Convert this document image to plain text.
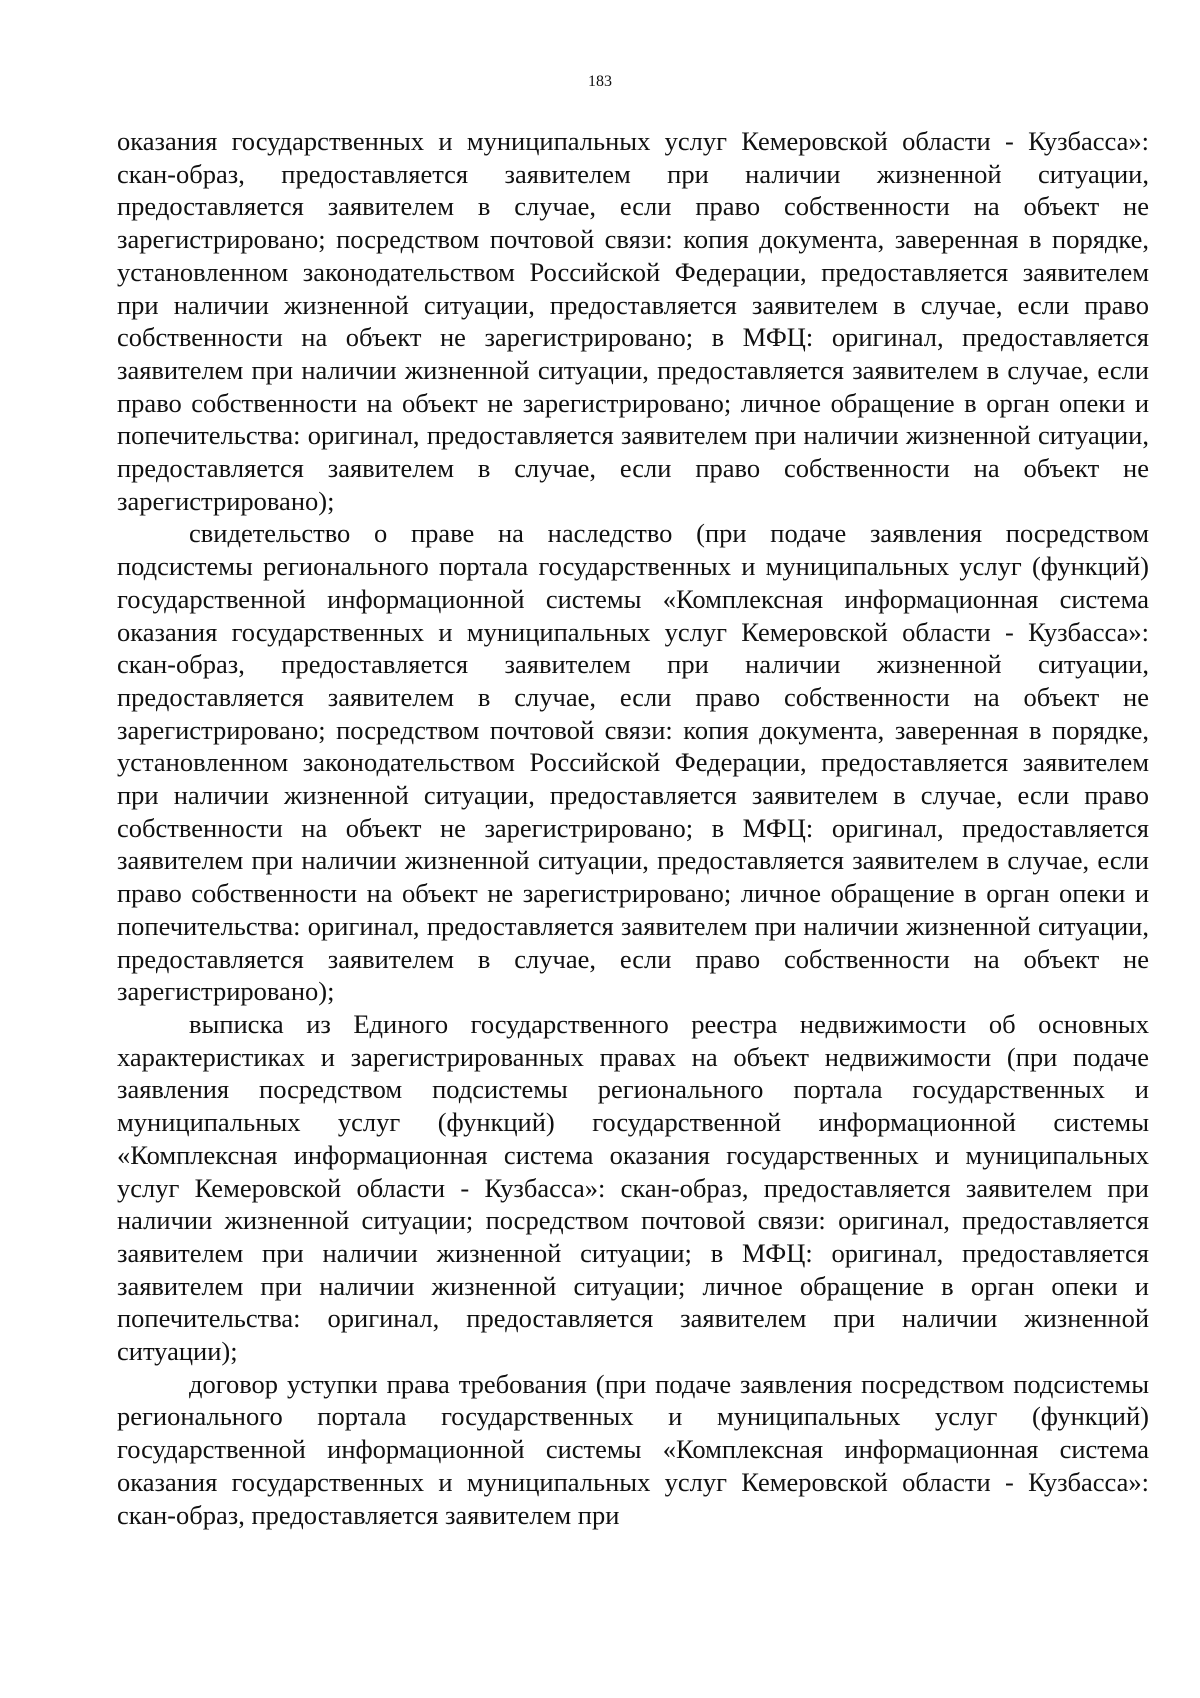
183

оказания государственных и муниципальных услуг Кемеровской области - Кузбасса»: скан-образ, предоставляется заявителем при наличии жизненной ситуации, предоставляется заявителем в случае, если право собственности на объект не зарегистрировано; посредством почтовой связи: копия документа, заверенная в порядке, установленном законодательством Российской Федерации, предоставляется заявителем при наличии жизненной ситуации, предоставляется заявителем в случае, если право собственности на объект не зарегистрировано; в МФЦ: оригинал, предоставляется заявителем при наличии жизненной ситуации, предоставляется заявителем в случае, если право собственности на объект не зарегистрировано; личное обращение в орган опеки и попечительства: оригинал, предоставляется заявителем при наличии жизненной ситуации, предоставляется заявителем в случае, если право собственности на объект не зарегистрировано);

свидетельство о праве на наследство (при подаче заявления посредством подсистемы регионального портала государственных и муниципальных услуг (функций) государственной информационной системы «Комплексная информационная система оказания государственных и муниципальных услуг Кемеровской области - Кузбасса»: скан-образ, предоставляется заявителем при наличии жизненной ситуации, предоставляется заявителем в случае, если право собственности на объект не зарегистрировано; посредством почтовой связи: копия документа, заверенная в порядке, установленном законодательством Российской Федерации, предоставляется заявителем при наличии жизненной ситуации, предоставляется заявителем в случае, если право собственности на объект не зарегистрировано; в МФЦ: оригинал, предоставляется заявителем при наличии жизненной ситуации, предоставляется заявителем в случае, если право собственности на объект не зарегистрировано; личное обращение в орган опеки и попечительства: оригинал, предоставляется заявителем при наличии жизненной ситуации, предоставляется заявителем в случае, если право собственности на объект не зарегистрировано);

выписка из Единого государственного реестра недвижимости об основных характеристиках и зарегистрированных правах на объект недвижимости (при подаче заявления посредством подсистемы регионального портала государственных и муниципальных услуг (функций) государственной информационной системы «Комплексная информационная система оказания государственных и муниципальных услуг Кемеровской области - Кузбасса»: скан-образ, предоставляется заявителем при наличии жизненной ситуации; посредством почтовой связи: оригинал, предоставляется заявителем при наличии жизненной ситуации; в МФЦ: оригинал, предоставляется заявителем при наличии жизненной ситуации; личное обращение в орган опеки и попечительства: оригинал, предоставляется заявителем при наличии жизненной ситуации);

договор уступки права требования (при подаче заявления посредством подсистемы регионального портала государственных и муниципальных услуг (функций) государственной информационной системы «Комплексная информационная система оказания государственных и муниципальных услуг Кемеровской области - Кузбасса»: скан-образ, предоставляется заявителем при
